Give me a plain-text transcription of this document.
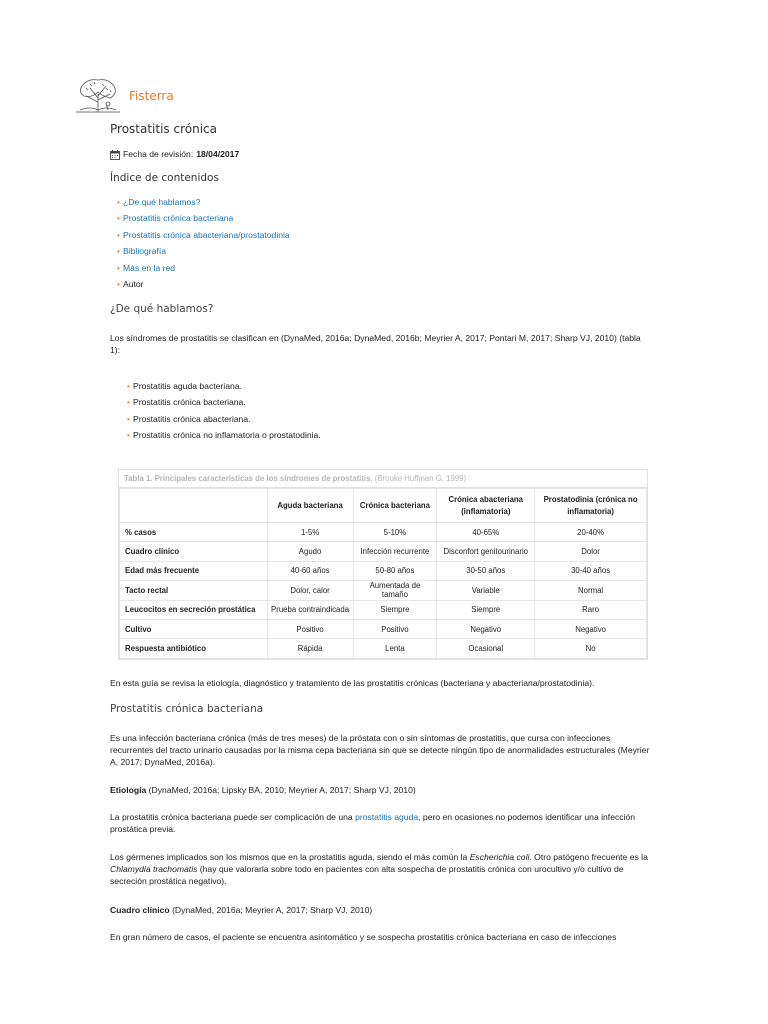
Fisterra
Prostatitis crónica
Fecha de revisión: 18/04/2017
Índice de contenidos
• ¿De qué hablamos?
• Prostatitis crónica bacteriana
• Prostatitis crónica abacteriana/prostatodinia
• Bibliografía
• Más en la red
• Autor
¿De qué hablamos?

Los síndromes de prostatitis se clasifican en (DynaMed, 2016a; DynaMed, 2016b; Meyrier A, 2017; Pontari M, 2017; Sharp VJ, 2010) (tabla 1):

• Prostatitis aguda bacteriana.
• Prostatitis crónica bacteriana.
• Prostatitis crónica abacteriana.
• Prostatitis crónica no inflamatoria o prostatodinia.
Tabla 1. Principales características de los síndromes de prostatitis. (Brooke Huffman G, 1999)
	Aguda bacteriana	Crónica bacteriana	Crónica abacteriana (inflamatoria)	Prostatodinia (crónica no inflamatoria)
% casos	1-5%	5-10%	40-65%	20-40%
Cuadro clínico	Agudo	Infección recurrente	Disconfort genitourinario	Dolor
Edad más frecuente	40-60 años	50-80 años	30-50 años	30-40 años
Tacto rectal	Dolor, calor	Aumentada de tamaño	Variable	Normal
Leucocitos en secreción prostática	Prueba contraindicada	Siempre	Siempre	Raro
Cultivo	Positivo	Positivo	Negativo	Negativo
Respuesta antibiótico	Rápida	Lenta	Ocasional	No

En esta guía se revisa la etiología, diagnóstico y tratamiento de las prostatitis crónicas (bacteriana y abacteriana/prostatodinia).

Prostatitis crónica bacteriana

Es una infección bacteriana crónica (más de tres meses) de la próstata con o sin síntomas de prostatitis, que cursa con infecciones recurrentes del tracto urinario causadas por la misma cepa bacteriana sin que se detecte ningún tipo de anormalidades estructurales (Meyrier A, 2017; DynaMed, 2016a).

Etiología (DynaMed, 2016a; Lipsky BA, 2010; Meyrier A, 2017; Sharp VJ, 2010)

La prostatitis crónica bacteriana puede ser complicación de una prostatitis aguda, pero en ocasiones no podemos identificar una infección prostática previa.

Los gérmenes implicados son los mismos que en la prostatitis aguda, siendo el más común la Escherichia coli. Otro patógeno frecuente es la Chlamydia trachomatis (hay que valorarla sobre todo en pacientes con alta sospecha de prostatitis crónica con urocultivo y/o cultivo de secreción prostática negativo).

Cuadro clínico (DynaMed, 2016a; Meyrier A, 2017; Sharp VJ, 2010)

En gran número de casos, el paciente se encuentra asintomático y se sospecha prostatitis crónica bacteriana en caso de infecciones
